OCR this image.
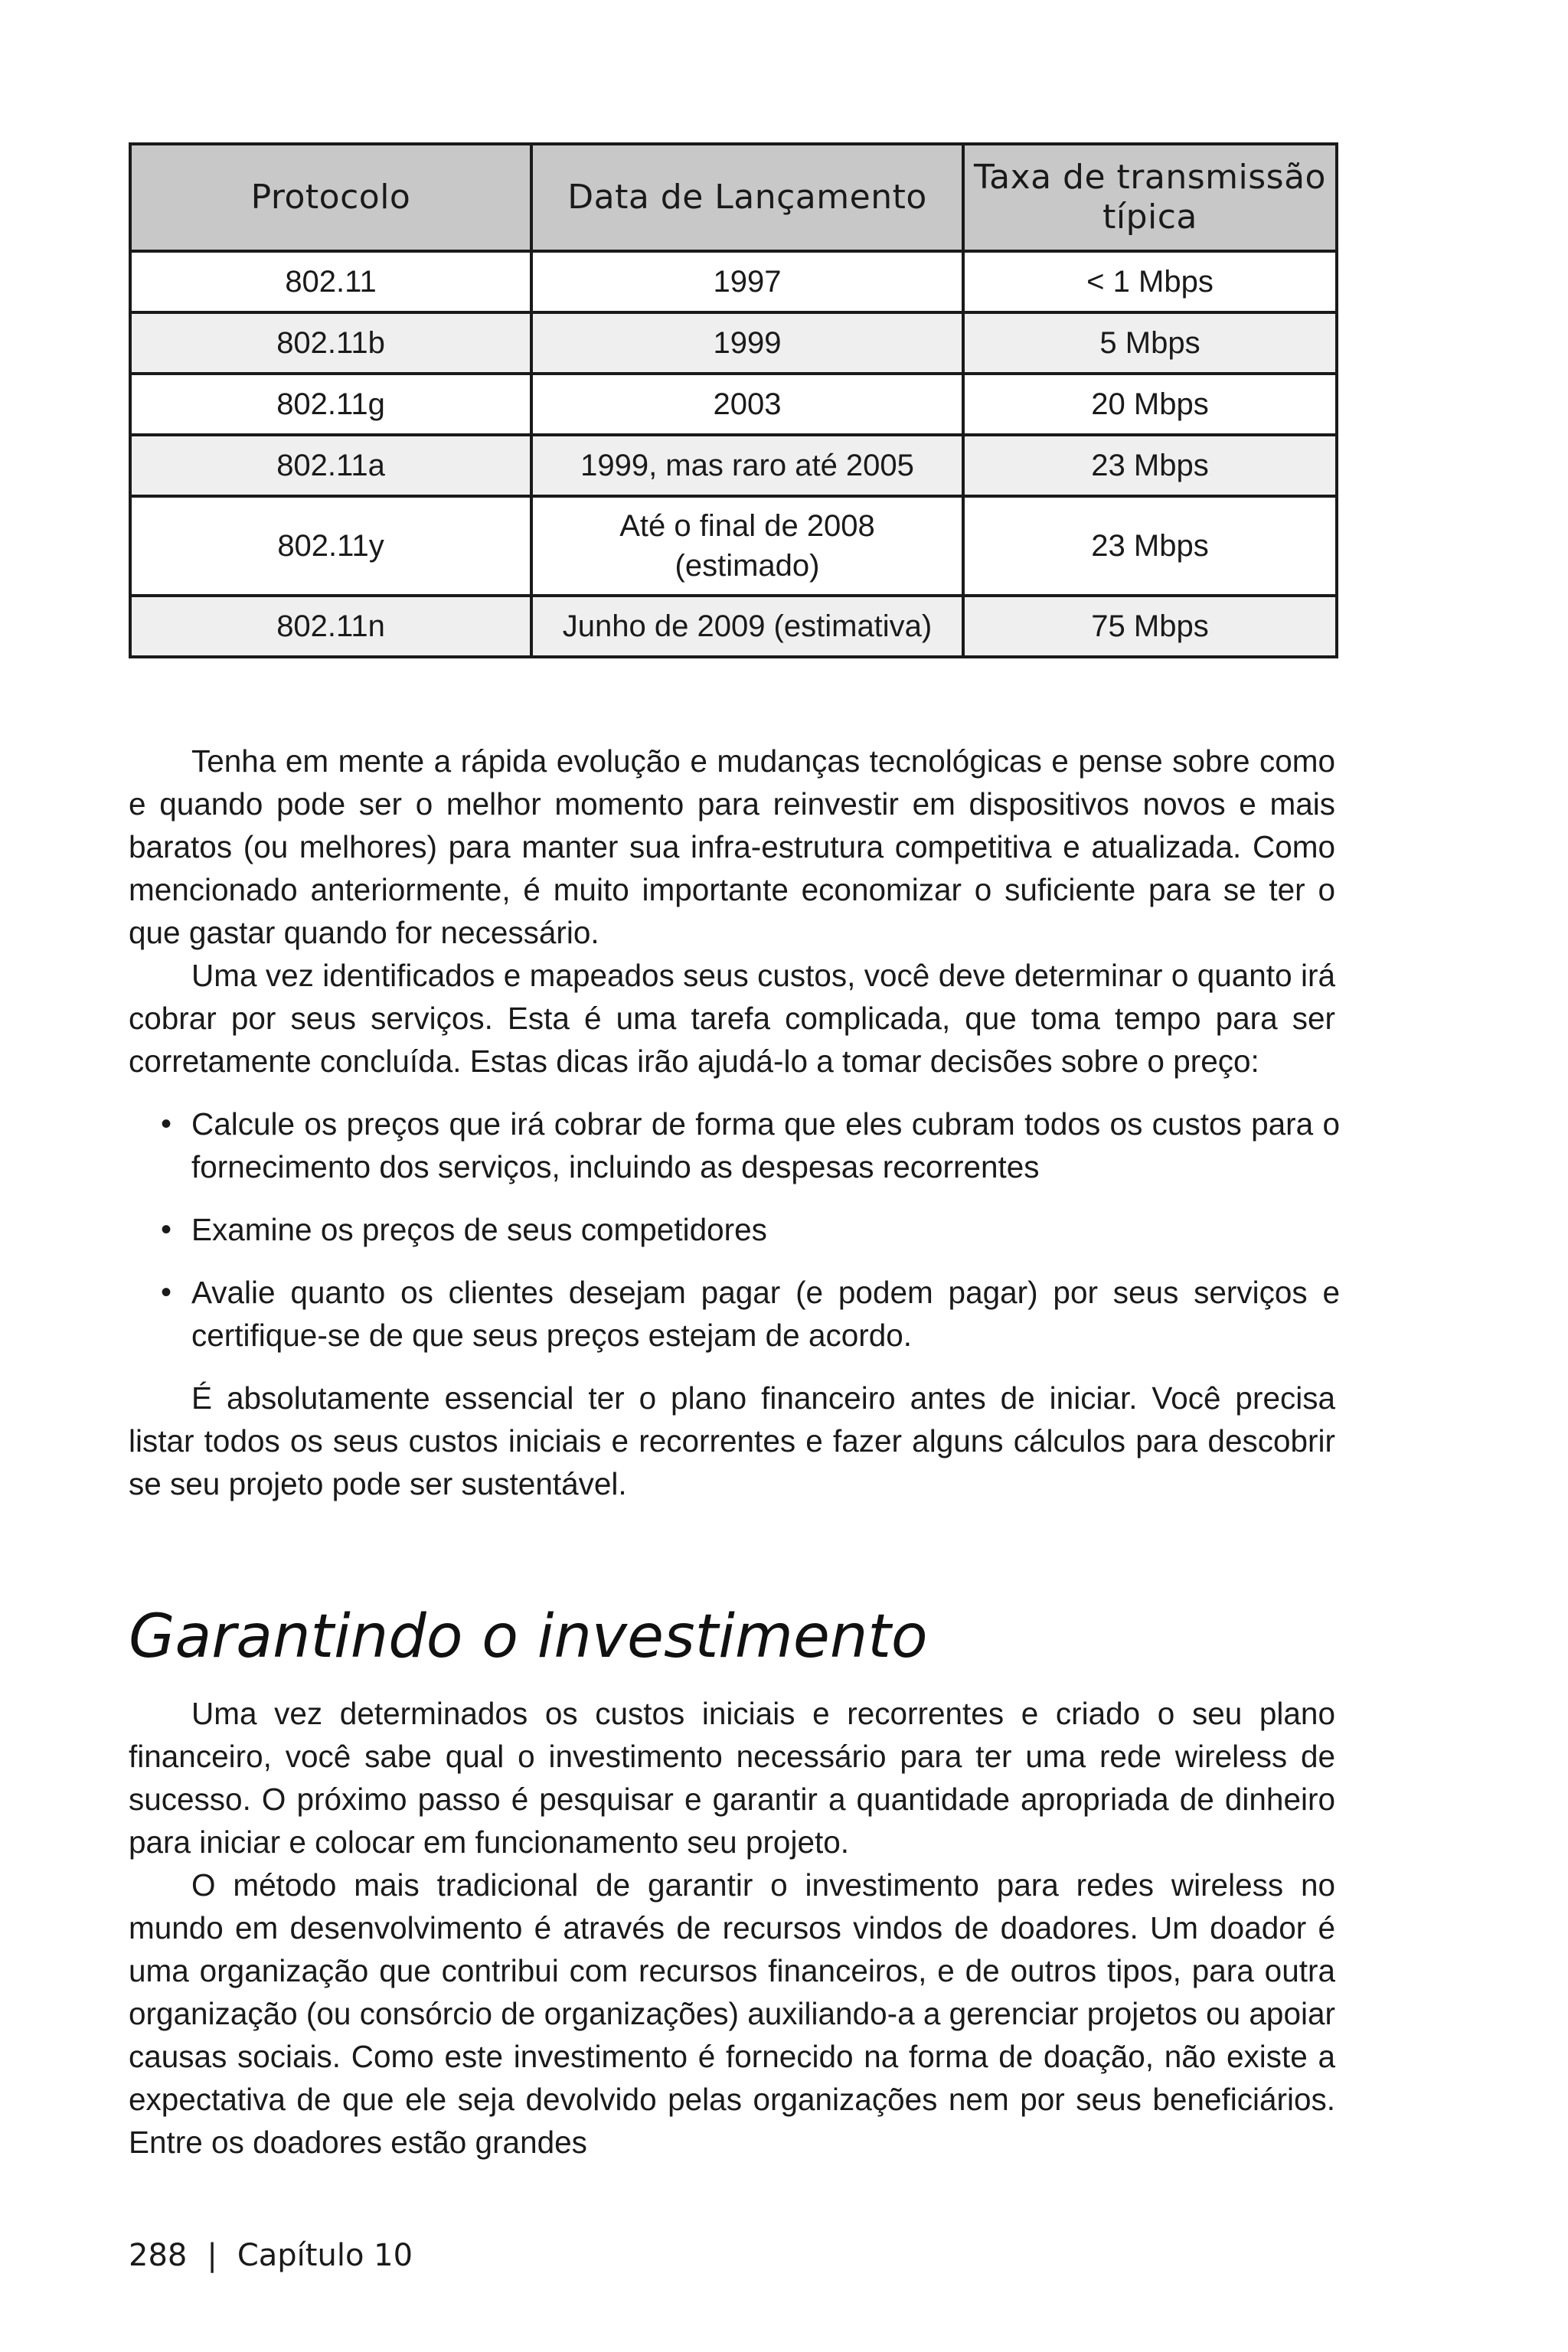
Protocolo	Data de Lançamento	Taxa de transmissão típica
802.11	1997	< 1 Mbps
802.11b	1999	5 Mbps
802.11g	2003	20 Mbps
802.11a	1999, mas raro até 2005	23 Mbps
802.11y	Até o final de 2008 (estimado)	23 Mbps
802.11n	Junho de 2009 (estimativa)	75 Mbps

Tenha em mente a rápida evolução e mudanças tecnológicas e pense sobre como e quando pode ser o melhor momento para reinvestir em dispositivos novos e mais baratos (ou melhores) para manter sua infra-estrutura competitiva e atualizada. Como mencionado anteriormente, é muito importante economizar o suficiente para se ter o que gastar quando for necessário.

Uma vez identificados e mapeados seus custos, você deve determinar o quanto irá cobrar por seus serviços. Esta é uma tarefa complicada, que toma tempo para ser corretamente concluída. Estas dicas irão ajudá-lo a tomar decisões sobre o preço:

• Calcule os preços que irá cobrar de forma que eles cubram todos os custos para o fornecimento dos serviços, incluindo as despesas recorrentes
• Examine os preços de seus competidores
• Avalie quanto os clientes desejam pagar (e podem pagar) por seus serviços e certifique-se de que seus preços estejam de acordo.

É absolutamente essencial ter o plano financeiro antes de iniciar. Você precisa listar todos os seus custos iniciais e recorrentes e fazer alguns cálculos para descobrir se seu projeto pode ser sustentável.

Garantindo o investimento

Uma vez determinados os custos iniciais e recorrentes e criado o seu plano financeiro, você sabe qual o investimento necessário para ter uma rede wireless de sucesso. O próximo passo é pesquisar e garantir a quantidade apropriada de dinheiro para iniciar e colocar em funcionamento seu projeto.

O método mais tradicional de garantir o investimento para redes wireless no mundo em desenvolvimento é através de recursos vindos de doadores. Um doador é uma organização que contribui com recursos financeiros, e de outros tipos, para outra organização (ou consórcio de organizações) auxiliando-a a gerenciar projetos ou apoiar causas sociais. Como este investimento é fornecido na forma de doação, não existe a expectativa de que ele seja devolvido pelas organizações nem por seus beneficiários. Entre os doadores estão grandes

288 | Capítulo 10
